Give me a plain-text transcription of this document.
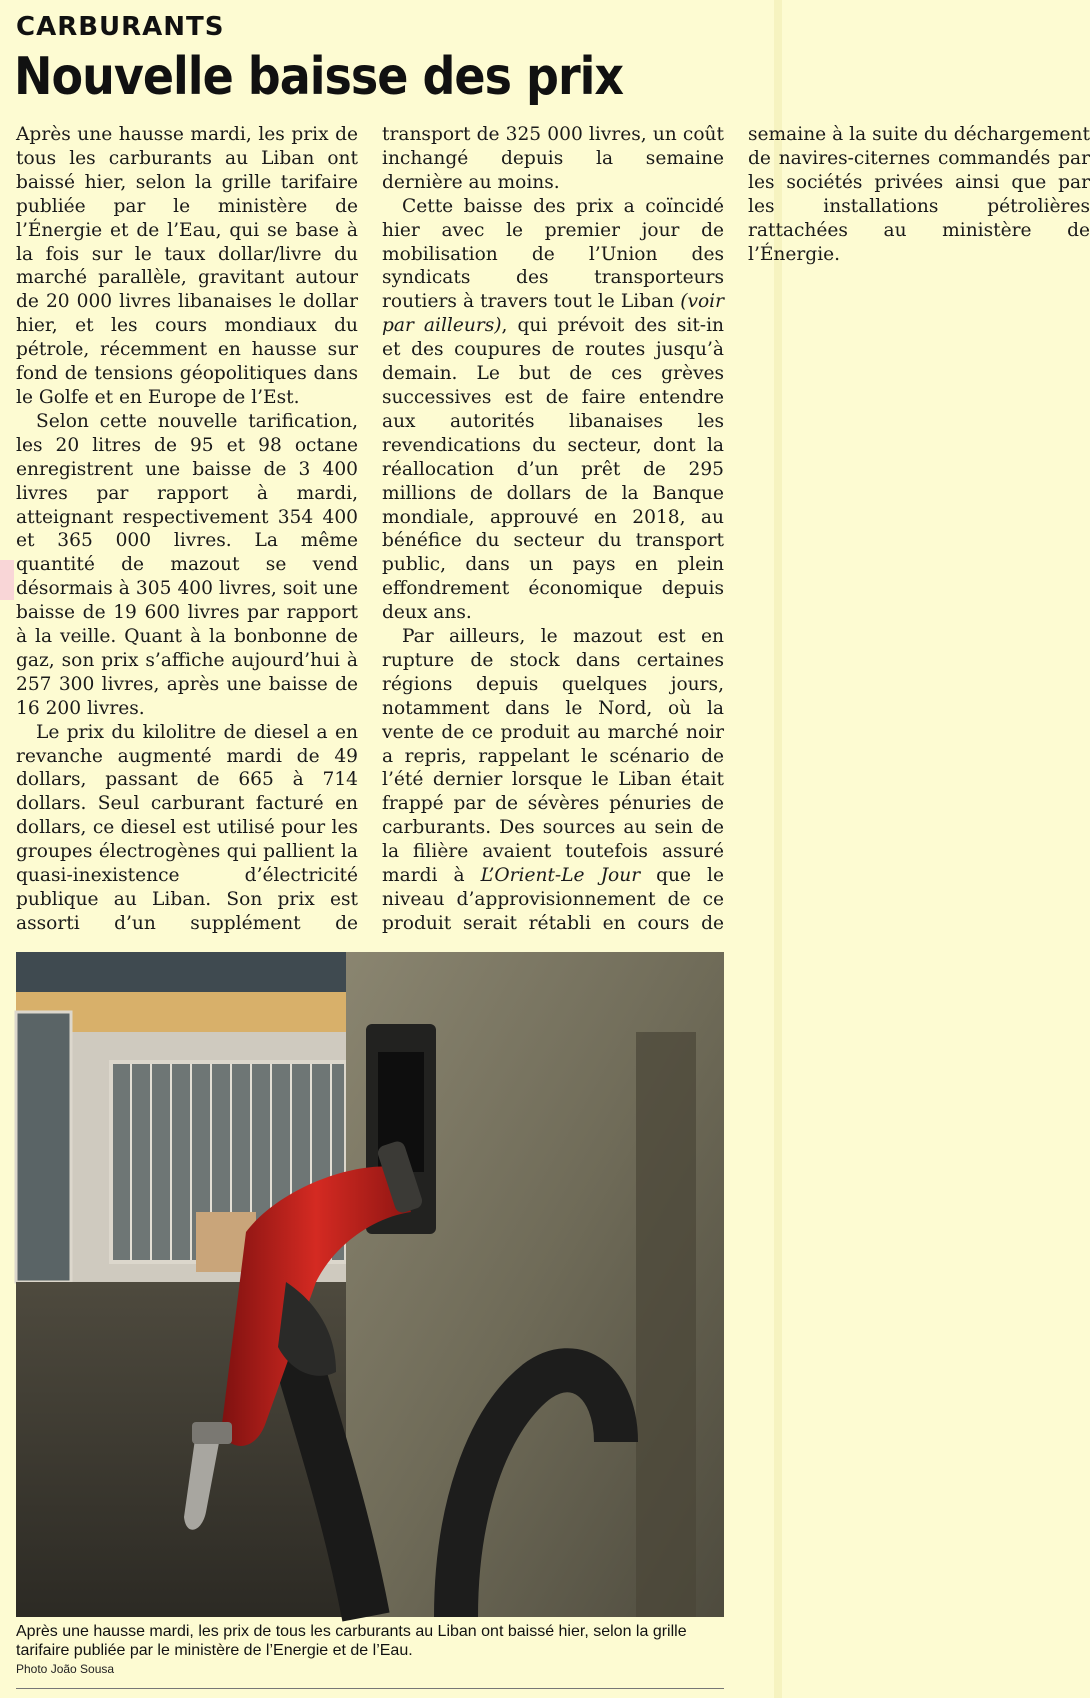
CARBURANTS
Nouvelle baisse des prix

Après une hausse mardi, les prix de tous les carburants au Liban ont baissé hier, selon la grille tarifaire publiée par le ministère de l’Énergie et de l’Eau, qui se base à la fois sur le taux dollar/livre du marché parallèle, gravitant autour de 20 000 livres libanaises le dollar hier, et les cours mondiaux du pétrole, récemment en hausse sur fond de tensions géopolitiques dans le Golfe et en Europe de l’Est.

Selon cette nouvelle tarification, les 20 litres de 95 et 98 octane enregistrent une baisse de 3 400 livres par rapport à mardi, atteignant respectivement 354 400 et 365 000 livres. La même quantité de mazout se vend désormais à 305 400 livres, soit une baisse de 19 600 livres par rapport à la veille. Quant à la bonbonne de gaz, son prix s’affiche aujourd’hui à 257 300 livres, après une baisse de 16 200 livres.

Le prix du kilolitre de diesel a en revanche augmenté mardi de 49 dollars, passant de 665 à 714 dollars. Seul carburant facturé en dollars, ce diesel est utilisé pour les groupes électrogènes qui pallient la quasi-inexistence d’électricité publique au Liban. Son prix est assorti d’un supplément de transport de 325 000 livres, un coût inchangé depuis la semaine dernière au moins.

Cette baisse des prix a coïncidé hier avec le premier jour de mobilisation de l’Union des syndicats des transporteurs routiers à travers tout le Liban (voir par ailleurs), qui prévoit des sit-in et des coupures de routes jusqu’à demain. Le but de ces grèves successives est de faire entendre aux autorités libanaises les revendications du secteur, dont la réallocation d’un prêt de 295 millions de dollars de la Banque mondiale, approuvé en 2018, au bénéfice du secteur du transport public, dans un pays en plein effondrement économique depuis deux ans.

Par ailleurs, le mazout est en rupture de stock dans certaines régions depuis quelques jours, notamment dans le Nord, où la vente de ce produit au marché noir a repris, rappelant le scénario de l’été dernier lorsque le Liban était frappé par de sévères pénuries de carburants. Des sources au sein de la filière avaient toutefois assuré mardi à L’Orient-Le Jour que le niveau d’approvisionnement de ce produit serait rétabli en cours de semaine à la suite du déchargement de navires-citernes commandés par les sociétés privées ainsi que par les installations pétrolières rattachées au ministère de l’Énergie.

Après une hausse mardi, les prix de tous les carburants au Liban ont baissé hier, selon la grille tarifaire publiée par le ministère de l’Energie et de l’Eau.
Photo João Sousa
